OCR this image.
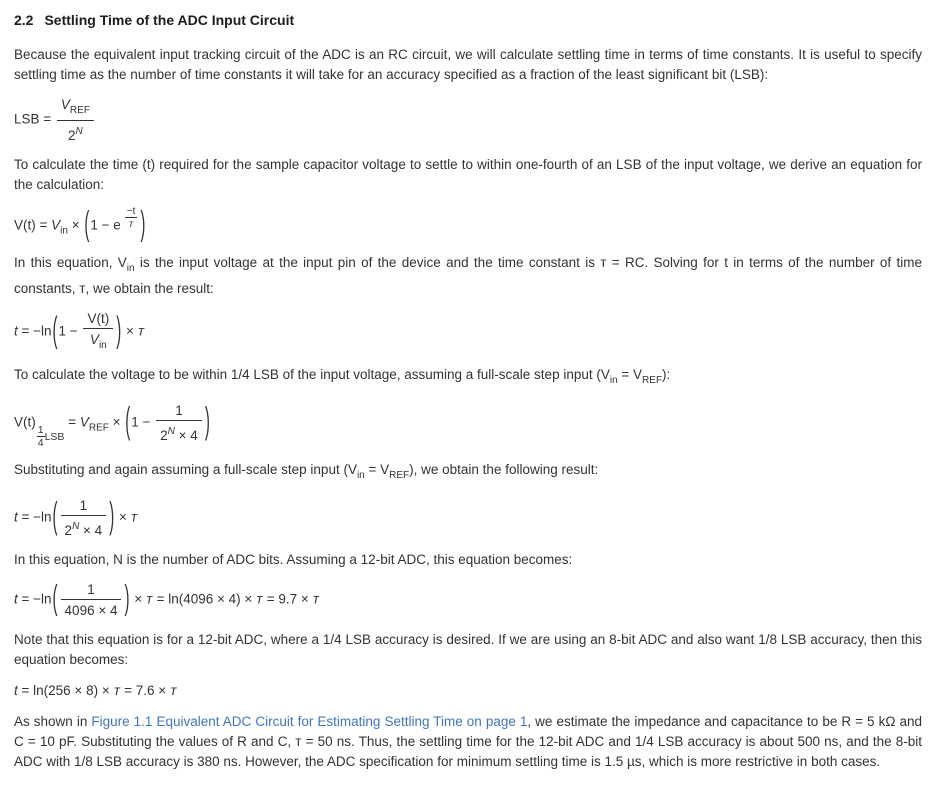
2.2 Settling Time of the ADC Input Circuit

Because the equivalent input tracking circuit of the ADC is an RC circuit, we will calculate settling time in terms of time constants. It is useful to specify settling time as the number of time constants it will take for an accuracy specified as a fraction of the least significant bit (LSB):

LSB = $\frac{V_{REF}}{2^N}$

To calculate the time (t) required for the sample capacitor voltage to settle to within one-fourth of an LSB of the input voltage, we derive an equation for the calculation:

$V(t) = V_{in} \times (1 - e \frac{-t}{\text{ᴛ}}$ )

In this equation, $V_{in}$ is the input voltage at the input pin of the device and the time constant is ᴛ = RC. Solving for t in terms of the number of time constants, ᴛ, we obtain the result:

$t = -\ln(1 - \frac{V(t)}{V_{in}}$ ) × ᴛ

To calculate the voltage to be within 1/4 LSB of the input voltage, assuming a full-scale step input $(V_{in} = V_{REF})$:

V(t)
$\frac{1}{4}$ LSB = $V_{REF} \times (1 - \frac{1}{2^N \times 4}$ )

Substituting and again assuming a full-scale step input $(V_{in} = V_{REF})$, we obtain the following result:

$t = -\ln( \frac{1}{2^N \times 4}$ ) × ᴛ

In this equation, N is the number of ADC bits. Assuming a 12-bit ADC, this equation becomes:

$t = -\ln( \frac{1}{4096 \times 4}$ ) × ᴛ = ln(4096 × 4) × ᴛ = 9.7 × ᴛ

Note that this equation is for a 12-bit ADC, where a 1/4 LSB accuracy is desired. If we are using an 8-bit ADC and also want 1/8 LSB accuracy, then this equation becomes:

t = ln(256 × 8) × ᴛ = 7.6 × ᴛ

As shown in Figure 1.1 Equivalent ADC Circuit for Estimating Settling Time on page 1, we estimate the impedance and capacitance to be R = 5 kΩ and C = 10 pF. Substituting the values of R and C, ᴛ = 50 ns. Thus, the settling time for the 12-bit ADC and 1/4 LSB accuracy is about 500 ns, and the 8-bit ADC with 1/8 LSB accuracy is 380 ns. However, the ADC specification for minimum settling time is 1.5 µs, which is more restrictive in both cases.
